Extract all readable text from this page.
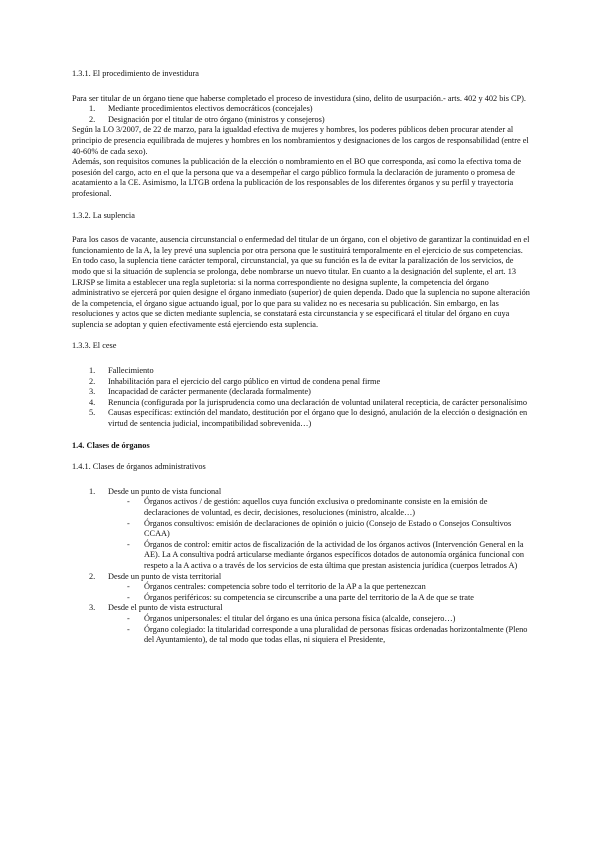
1.3.1. El procedimiento de investidura

Para ser titular de un órgano tiene que haberse completado el proceso de investidura (sino, delito de usurpación.- arts. 402 y 402 bis CP).

1. Mediante procedimientos electivos democráticos (concejales)
2. Designación por el titular de otro órgano (ministros y consejeros)

Según la LO 3/2007, de 22 de marzo, para la igualdad efectiva de mujeres y hombres, los poderes públicos deben procurar atender al principio de presencia equilibrada de mujeres y hombres en los nombramientos y designaciones de los cargos de responsabilidad (entre el 40-60% de cada sexo).

Además, son requisitos comunes la publicación de la elección o nombramiento en el BO que corresponda, así como la efectiva toma de posesión del cargo, acto en el que la persona que va a desempeñar el cargo público formula la declaración de juramento o promesa de acatamiento a la CE. Asimismo, la LTGB ordena la publicación de los responsables de los diferentes órganos y su perfil y trayectoria profesional.

1.3.2. La suplencia

Para los casos de vacante, ausencia circunstancial o enfermedad del titular de un órgano, con el objetivo de garantizar la continuidad en el funcionamiento de la A, la ley prevé una suplencia por otra persona que le sustituirá temporalmente en el ejercicio de sus competencias. En todo caso, la suplencia tiene carácter temporal, circunstancial, ya que su función es la de evitar la paralización de los servicios, de modo que si la situación de suplencia se prolonga, debe nombrarse un nuevo titular. En cuanto a la designación del suplente, el art. 13 LRJSP se limita a establecer una regla supletoria: si la norma correspondiente no designa suplente, la competencia del órgano administrativo se ejercerá por quien designe el órgano inmediato (superior) de quien dependa. Dado que la suplencia no supone alteración de la competencia, el órgano sigue actuando igual, por lo que para su validez no es necesaria su publicación. Sin embargo, en las resoluciones y actos que se dicten mediante suplencia, se constatará esta circunstancia y se especificará el titular del órgano en cuya suplencia se adoptan y quien efectivamente está ejerciendo esta suplencia.

1.3.3. El cese

1. Fallecimiento
2. Inhabilitación para el ejercicio del cargo público en virtud de condena penal firme
3. Incapacidad de carácter permanente (declarada formalmente)
4. Renuncia (configurada por la jurisprudencia como una declaración de voluntad unilateral recepticia, de carácter personalísimo
5. Causas específicas: extinción del mandato, destitución por el órgano que lo designó, anulación de la elección o designación en virtud de sentencia judicial, incompatibilidad sobrevenida…)

1.4. Clases de órganos

1.4.1. Clases de órganos administrativos

1. Desde un punto de vista funcional
- Órganos activos / de gestión: aquellos cuya función exclusiva o predominante consiste en la emisión de declaraciones de voluntad, es decir, decisiones, resoluciones (ministro, alcalde…)
- Órganos consultivos: emisión de declaraciones de opinión o juicio (Consejo de Estado o Consejos Consultivos CCAA)
- Órganos de control: emitir actos de fiscalización de la actividad de los órganos activos (Intervención General en la AE). La A consultiva podrá articularse mediante órganos específicos dotados de autonomía orgánica funcional con respeto a la A activa o a través de los servicios de esta última que prestan asistencia jurídica (cuerpos letrados A)
2. Desde un punto de vista territorial
- Órganos centrales: competencia sobre todo el territorio de la AP a la que pertenezcan
- Órganos periféricos: su competencia se circunscribe a una parte del territorio de la A de que se trate
3. Desde el punto de vista estructural
- Órganos unipersonales: el titular del órgano es una única persona física (alcalde, consejero…)
- Órgano colegiado: la titularidad corresponde a una pluralidad de personas físicas ordenadas horizontalmente (Pleno del Ayuntamiento), de tal modo que todas ellas, ni siquiera el Presidente,
